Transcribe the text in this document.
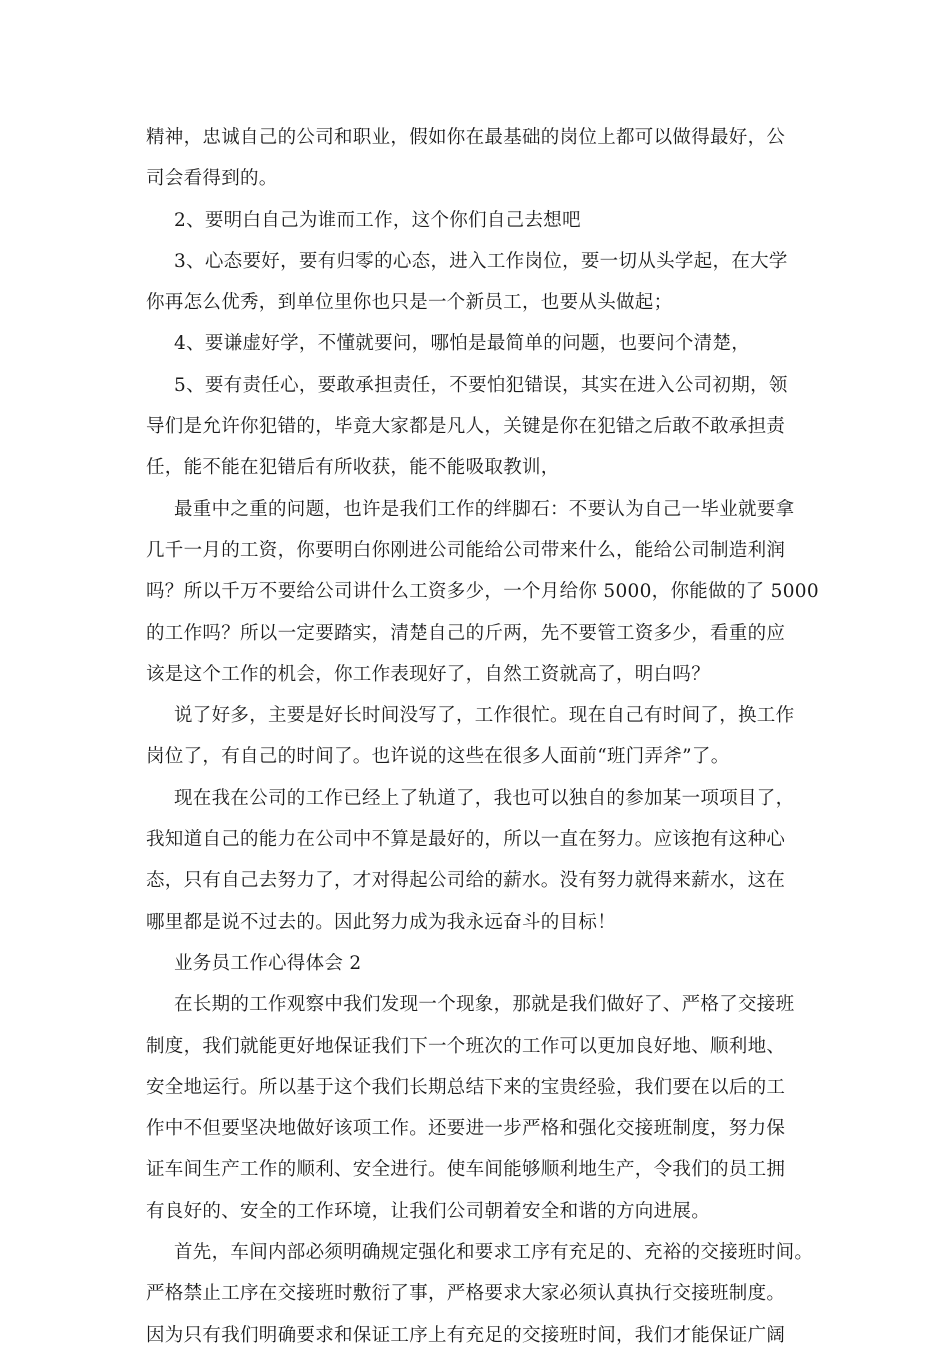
精神，忠诚自己的公司和职业，假如你在最基础的岗位上都可以做得最好，公
司会看得到的。
2、要明白自己为谁而工作，这个你们自己去想吧
3、心态要好，要有归零的心态，进入工作岗位，要一切从头学起，在大学
你再怎么优秀，到单位里你也只是一个新员工，也要从头做起；
4、要谦虚好学，不懂就要问，哪怕是最简单的问题，也要问个清楚，
5、要有责任心，要敢承担责任，不要怕犯错误，其实在进入公司初期，领
导们是允许你犯错的，毕竟大家都是凡人，关键是你在犯错之后敢不敢承担责
任，能不能在犯错后有所收获，能不能吸取教训，
最重中之重的问题，也许是我们工作的绊脚石：不要认为自己一毕业就要拿
几千一月的工资，你要明白你刚进公司能给公司带来什么，能给公司制造利润
吗？所以千万不要给公司讲什么工资多少，一个月给你 5000，你能做的了 5000
的工作吗？所以一定要踏实，清楚自己的斤两，先不要管工资多少，看重的应
该是这个工作的机会，你工作表现好了，自然工资就高了，明白吗？
说了好多，主要是好长时间没写了，工作很忙。现在自己有时间了，换工作
岗位了，有自己的时间了。也许说的这些在很多人面前“班门弄斧”了。
现在我在公司的工作已经上了轨道了，我也可以独自的参加某一项项目了，
我知道自己的能力在公司中不算是最好的，所以一直在努力。应该抱有这种心
态，只有自己去努力了，才对得起公司给的薪水。没有努力就得来薪水，这在
哪里都是说不过去的。因此努力成为我永远奋斗的目标！
业务员工作心得体会 2
在长期的工作观察中我们发现一个现象，那就是我们做好了、严格了交接班
制度，我们就能更好地保证我们下一个班次的工作可以更加良好地、顺利地、
安全地运行。所以基于这个我们长期总结下来的宝贵经验，我们要在以后的工
作中不但要坚决地做好该项工作。还要进一步严格和强化交接班制度，努力保
证车间生产工作的顺利、安全进行。使车间能够顺利地生产，令我们的员工拥
有良好的、安全的工作环境，让我们公司朝着安全和谐的方向进展。
首先，车间内部必须明确规定强化和要求工序有充足的、充裕的交接班时间。
严格禁止工序在交接班时敷衍了事，严格要求大家必须认真执行交接班制度。
因为只有我们明确要求和保证工序上有充足的交接班时间，我们才能保证广阔
